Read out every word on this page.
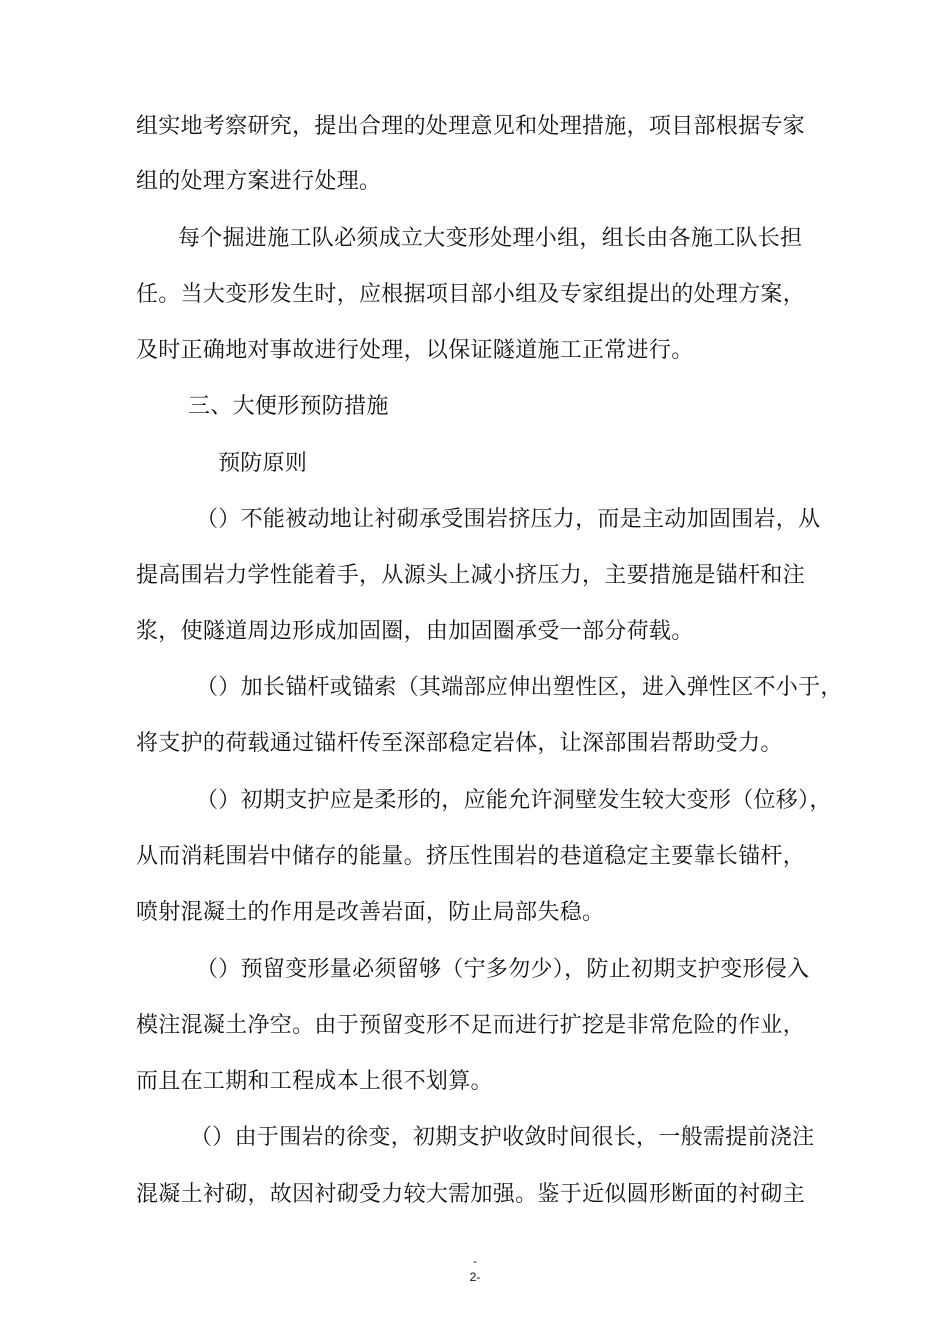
组实地考察研究，提出合理的处理意见和处理措施，项目部根据专家
组的处理方案进行处理。
每个掘进施工队必须成立大变形处理小组，组长由各施工队长担
任。当大变形发生时，应根据项目部小组及专家组提出的处理方案，
及时正确地对事故进行处理，以保证隧道施工正常进行。
三、大便形预防措施
预防原则
（）不能被动地让衬砌承受围岩挤压力，而是主动加固围岩，从
提高围岩力学性能着手，从源头上减小挤压力，主要措施是锚杆和注
浆，使隧道周边形成加固圈，由加固圈承受一部分荷载。
（）加长锚杆或锚索（其端部应伸出塑性区，进入弹性区不小于，
将支护的荷载通过锚杆传至深部稳定岩体，让深部围岩帮助受力。
（）初期支护应是柔形的，应能允许洞壁发生较大变形（位移），
从而消耗围岩中储存的能量。挤压性围岩的巷道稳定主要靠长锚杆，
喷射混凝土的作用是改善岩面，防止局部失稳。
（）预留变形量必须留够（宁多勿少），防止初期支护变形侵入
模注混凝土净空。由于预留变形不足而进行扩挖是非常危险的作业，
而且在工期和工程成本上很不划算。
（）由于围岩的徐变，初期支护收敛时间很长，一般需提前浇注
混凝土衬砌，故因衬砌受力较大需加强。鉴于近似圆形断面的衬砌主
-
2-
